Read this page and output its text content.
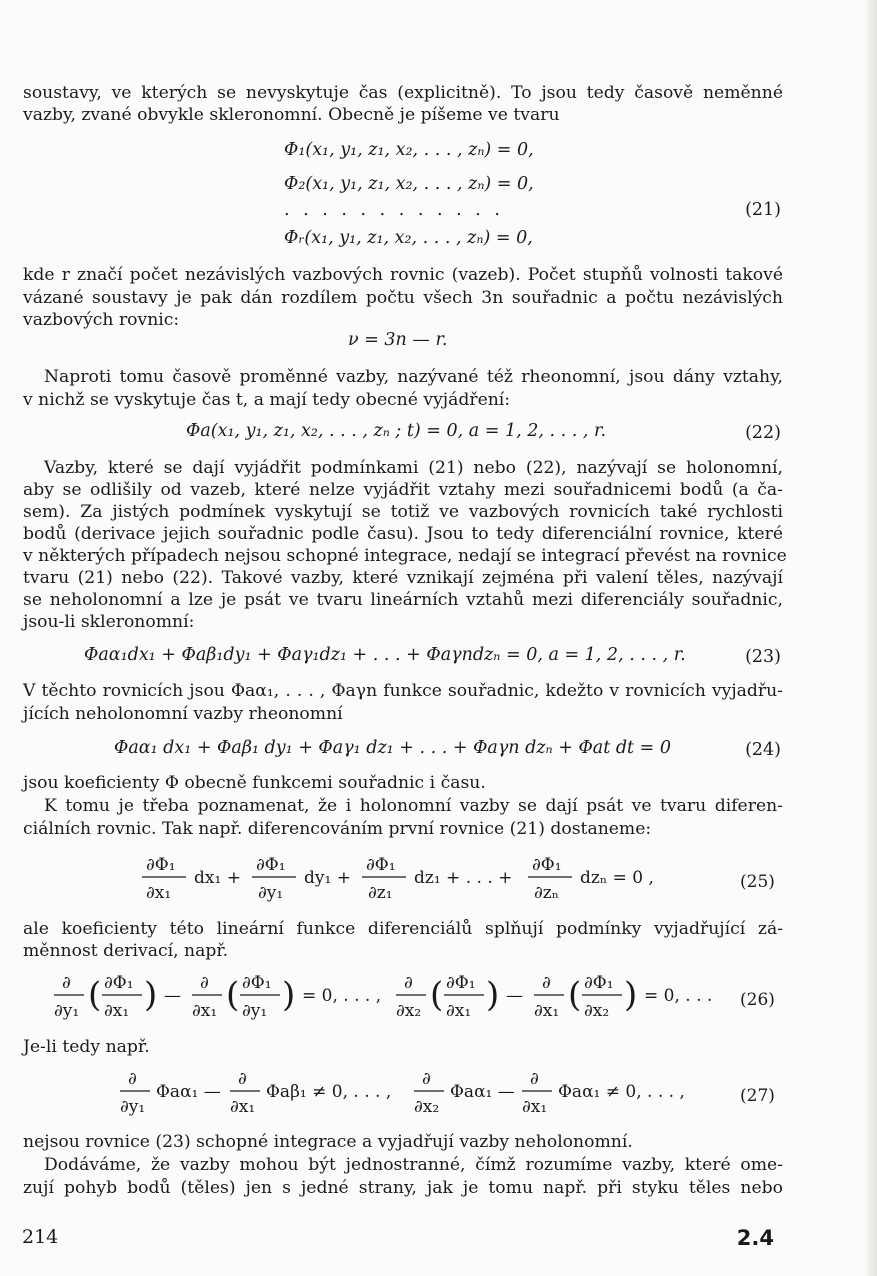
soustavy, ve kterých se nevyskytuje čas (explicitně). To jsou tedy časově neměnné
vazby, zvané obvykle skleronomní. Obecně je píšeme ve tvaru
Φ₁(x₁, y₁, z₁, x₂, . . . , zₙ) = 0,
Φ₂(x₁, y₁, z₁, x₂, . . . , zₙ) = 0,
. . . . . . . . . . . .	(21)
Φᵣ(x₁, y₁, z₁, x₂, . . . , zₙ) = 0,
kde r značí počet nezávislých vazbových rovnic (vazeb). Počet stupňů volnosti takové
vázané soustavy je pak dán rozdílem počtu všech 3n souřadnic a počtu nezávislých
vazbových rovnic:
ν = 3n — r.
Naproti tomu časově proměnné vazby, nazývané též rheonomní, jsou dány vztahy,
v nichž se vyskytuje čas t, a mají tedy obecné vyjádření:
Φa(x₁, y₁, z₁, x₂, . . . , zₙ ; t) = 0, a = 1, 2, . . . , r.	(22)
Vazby, které se dají vyjádřit podmínkami (21) nebo (22), nazývají se holonomní,
aby se odlišily od vazeb, které nelze vyjádřit vztahy mezi souřadnicemi bodů (a ča-
sem). Za jistých podmínek vyskytují se totiž ve vazbových rovnicích také rychlosti
bodů (derivace jejich souřadnic podle času). Jsou to tedy diferenciální rovnice, které
v některých případech nejsou schopné integrace, nedají se integrací převést na rovnice
tvaru (21) nebo (22). Takové vazby, které vznikají zejména při valení těles, nazývají
se neholonomní a lze je psát ve tvaru lineárních vztahů mezi diferenciály souřadnic,
jsou-li skleronomní:
Φaα₁dx₁ + Φaβ₁dy₁ + Φaγ₁dz₁ + . . . + Φaγndzₙ = 0, a = 1, 2, . . . , r.	(23)
V těchto rovnicích jsou Φaα₁, . . . , Φaγn funkce souřadnic, kdežto v rovnicích vyjadřu-
jících neholonomní vazby rheonomní
Φaα₁ dx₁ + Φaβ₁ dy₁ + Φaγ₁ dz₁ + . . . + Φaγn dzₙ + Φat dt = 0	(24)
jsou koeficienty Φ obecně funkcemi souřadnic i času.
K tomu je třeba poznamenat, že i holonomní vazby se dají psát ve tvaru diferen-
ciálních rovnic. Tak např. diferencováním první rovnice (21) dostaneme:
∂Φ₁
∂x₁
dx₁ +
∂Φ₁
∂y₁
dy₁ +
∂Φ₁
∂z₁
dz₁ + . . . +
∂Φ₁
∂zₙ
dzₙ = 0 ,	(25)
ale koeficienty této lineární funkce diferenciálů splňují podmínky vyjadřující zá-
měnnost derivací, např.
∂
∂y₁ ( ∂Φ₁
∂x₁ ) —
∂
∂x₁ ( ∂Φ₁
∂y₁ ) = 0, . . . ,
∂
∂x₂ ( ∂Φ₁
∂x₁ ) —
∂
∂x₁ ( ∂Φ₁
∂x₂ ) = 0, . . . (26)
Je-li tedy např.
∂
∂y₁
Φaα₁ —
∂
∂x₁
Φaβ₁ ≠ 0, . . . ,
∂
∂x₂
Φaα₁ —
∂
∂x₁
Φaα₁ ≠ 0, . . . ,	(27)
nejsou rovnice (23) schopné integrace a vyjadřují vazby neholonomní.
Dodáváme, že vazby mohou být jednostranné, čímž rozumíme vazby, které ome-
zují pohyb bodů (těles) jen s jedné strany, jak je tomu např. při styku těles nebo
214	2.4
